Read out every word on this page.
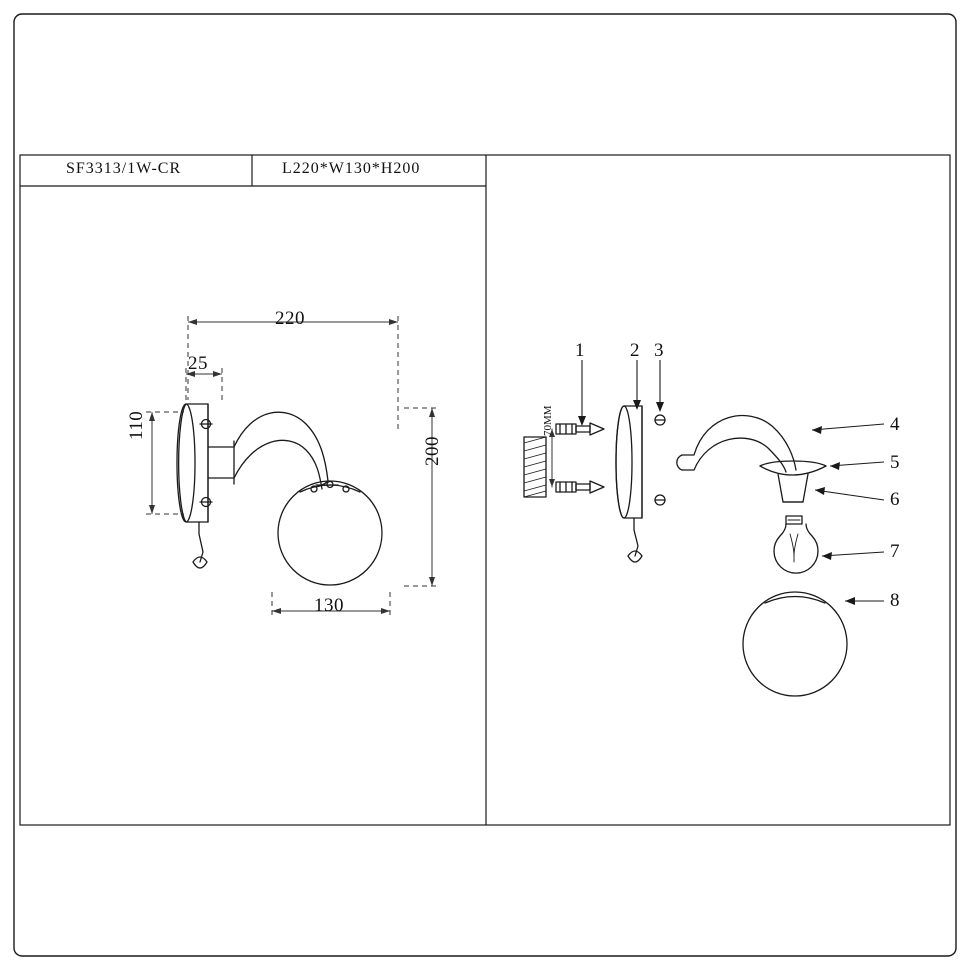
SF3313/1W-CR	L220*W130*H200
220
25
130
110
200
70MM
1 2 3
4
5
6
7
8
